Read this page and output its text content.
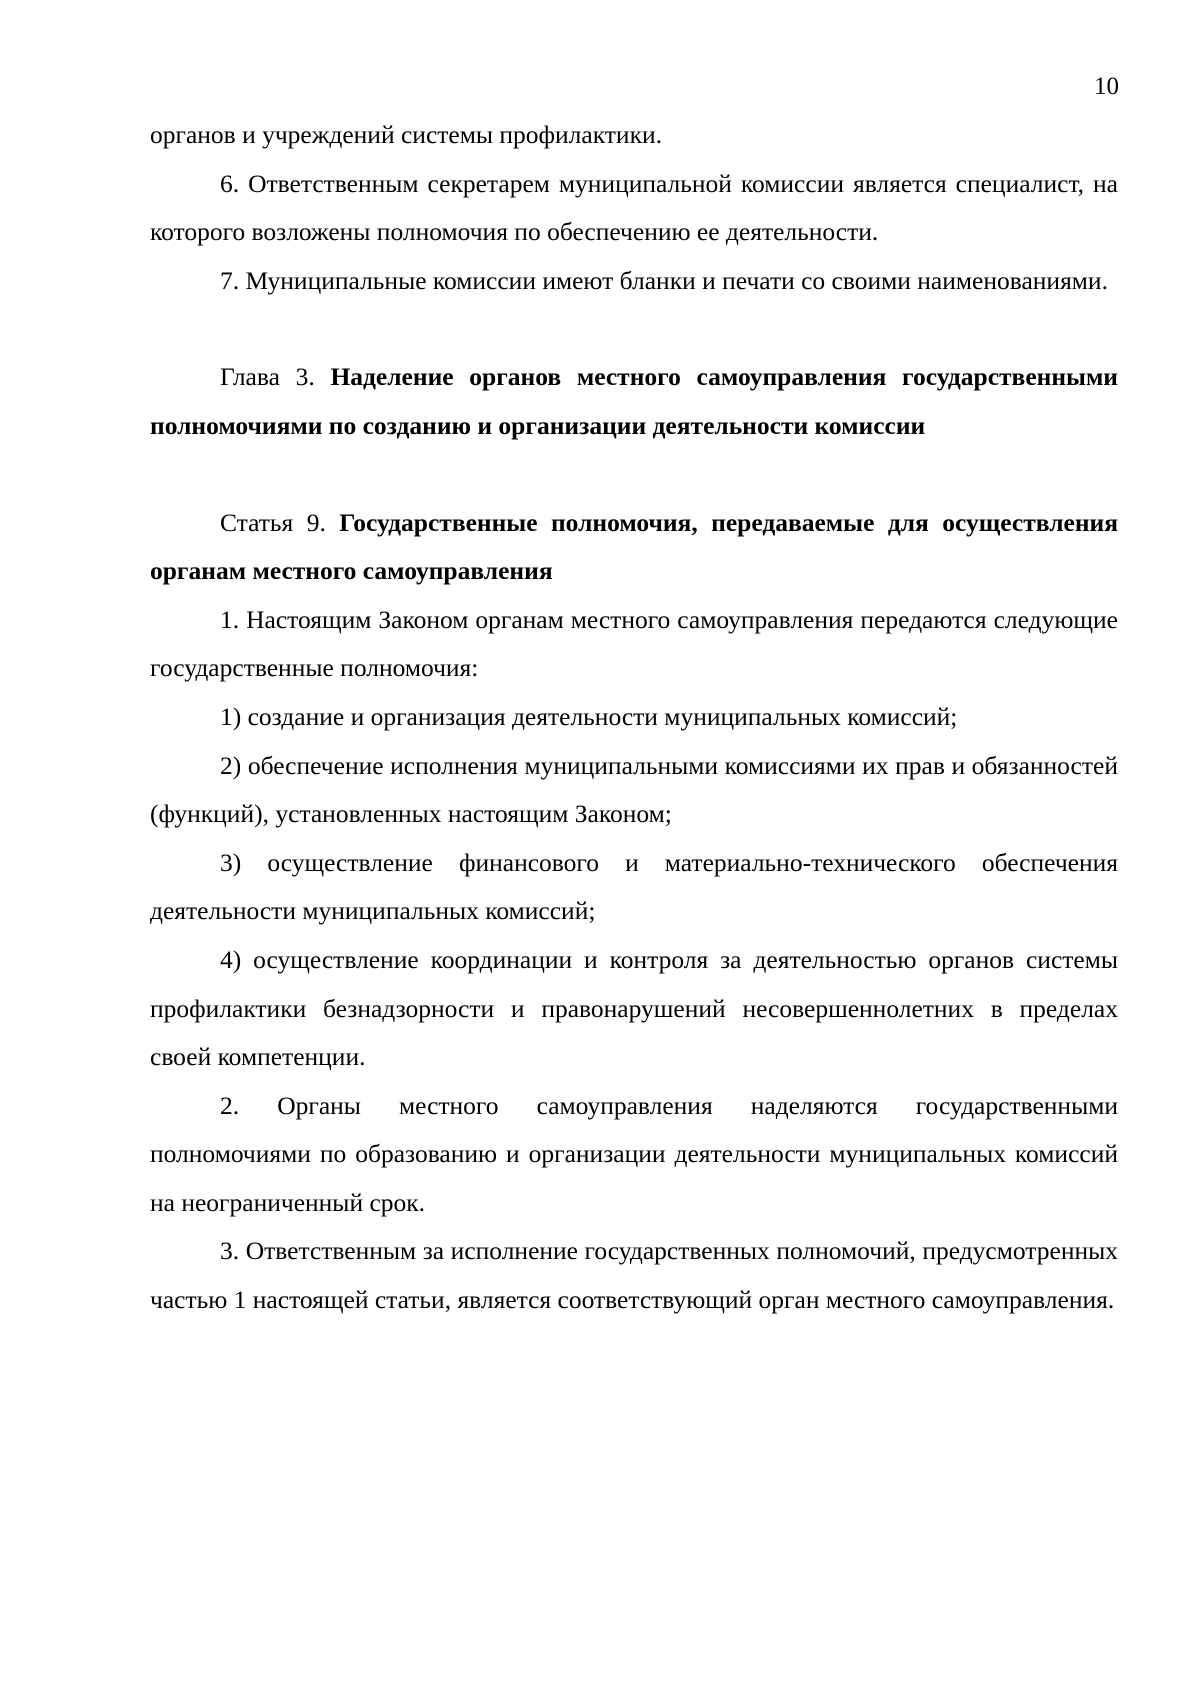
10

органов и учреждений системы профилактики.

6. Ответственным секретарем муниципальной комиссии является специалист, на которого возложены полномочия по обеспечению ее деятельности.

7. Муниципальные комиссии имеют бланки и печати со своими наименованиями.

Глава 3. Наделение органов местного самоуправления государственными полномочиями по созданию и организации деятельности комиссии

Статья 9. Государственные полномочия, передаваемые для осуществления органам местного самоуправления

1. Настоящим Законом органам местного самоуправления передаются следующие государственные полномочия:

1) создание и организация деятельности муниципальных комиссий;

2) обеспечение исполнения муниципальными комиссиями их прав и обязанностей (функций), установленных настоящим Законом;

3) осуществление финансового и материально-технического обеспечения деятельности муниципальных комиссий;

4) осуществление координации и контроля за деятельностью органов системы профилактики безнадзорности и правонарушений несовершеннолетних в пределах своей компетенции.

2. Органы местного самоуправления наделяются государственными полномочиями по образованию и организации деятельности муниципальных комиссий на неограниченный срок.

3. Ответственным за исполнение государственных полномочий, предусмотренных частью 1 настоящей статьи, является соответствующий орган местного самоуправления.
